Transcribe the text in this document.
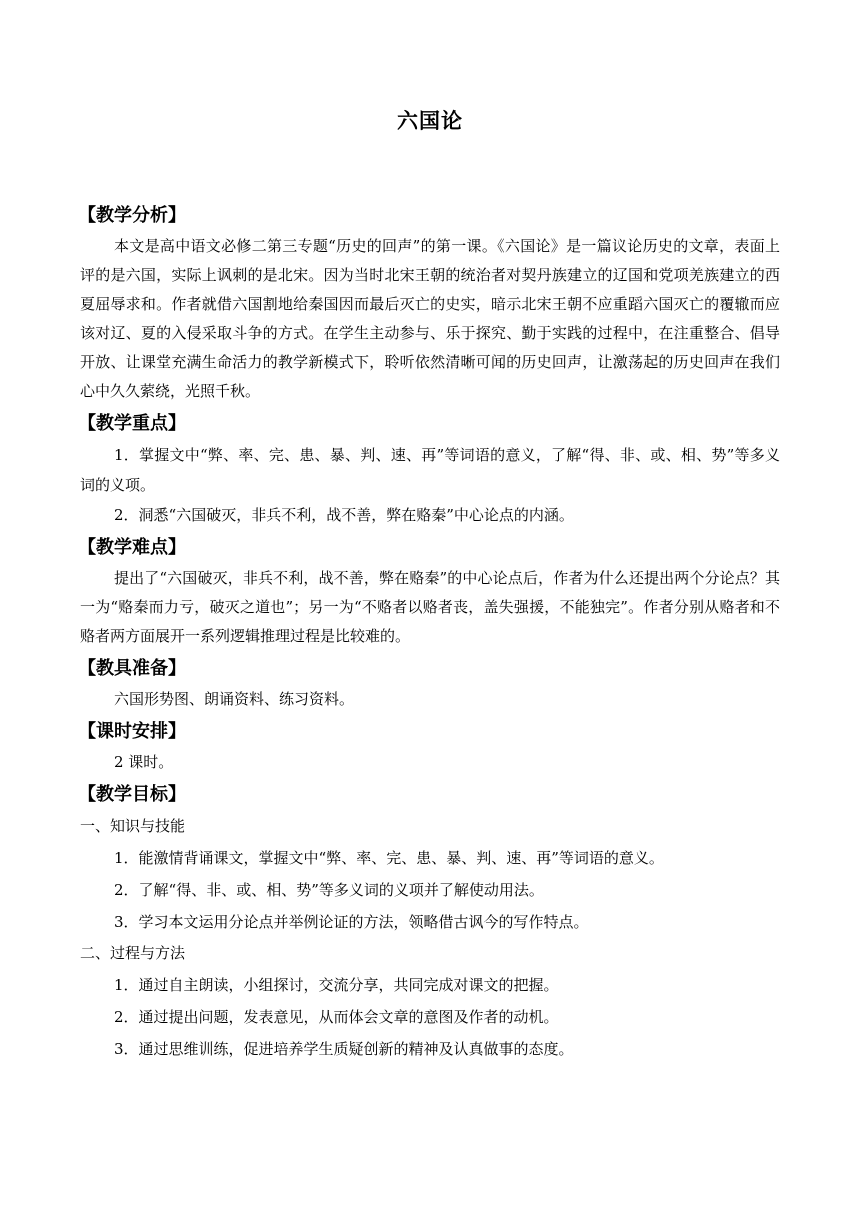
六国论
【教学分析】

本文是高中语文必修二第三专题“历史的回声”的第一课。《六国论》是一篇议论历史的文章，表面上评的是六国，实际上讽刺的是北宋。因为当时北宋王朝的统治者对契丹族建立的辽国和党项羌族建立的西夏屈辱求和。作者就借六国割地给秦国因而最后灭亡的史实，暗示北宋王朝不应重蹈六国灭亡的覆辙而应该对辽、夏的入侵采取斗争的方式。在学生主动参与、乐于探究、勤于实践的过程中，在注重整合、倡导开放、让课堂充满生命活力的教学新模式下，聆听依然清晰可闻的历史回声，让激荡起的历史回声在我们心中久久萦绕，光照千秋。

【教学重点】

1．掌握文中“弊、率、完、患、暴、判、速、再”等词语的意义，了解“得、非、或、相、势”等多义词的义项。

2．洞悉“六国破灭，非兵不利，战不善，弊在赂秦”中心论点的内涵。

【教学难点】

提出了“六国破灭，非兵不利，战不善，弊在赂秦”的中心论点后，作者为什么还提出两个分论点？其一为“赂秦而力亏，破灭之道也”；另一为“不赂者以赂者丧，盖失强援，不能独完”。作者分别从赂者和不赂者两方面展开一系列逻辑推理过程是比较难的。

【教具准备】

六国形势图、朗诵资料、练习资料。

【课时安排】

2 课时。

【教学目标】

一、知识与技能

1．能激情背诵课文，掌握文中“弊、率、完、患、暴、判、速、再”等词语的意义。

2．了解“得、非、或、相、势”等多义词的义项并了解使动用法。

3．学习本文运用分论点并举例论证的方法，领略借古讽今的写作特点。

二、过程与方法

1．通过自主朗读，小组探讨，交流分享，共同完成对课文的把握。

2．通过提出问题，发表意见，从而体会文章的意图及作者的动机。

3．通过思维训练，促进培养学生质疑创新的精神及认真做事的态度。
